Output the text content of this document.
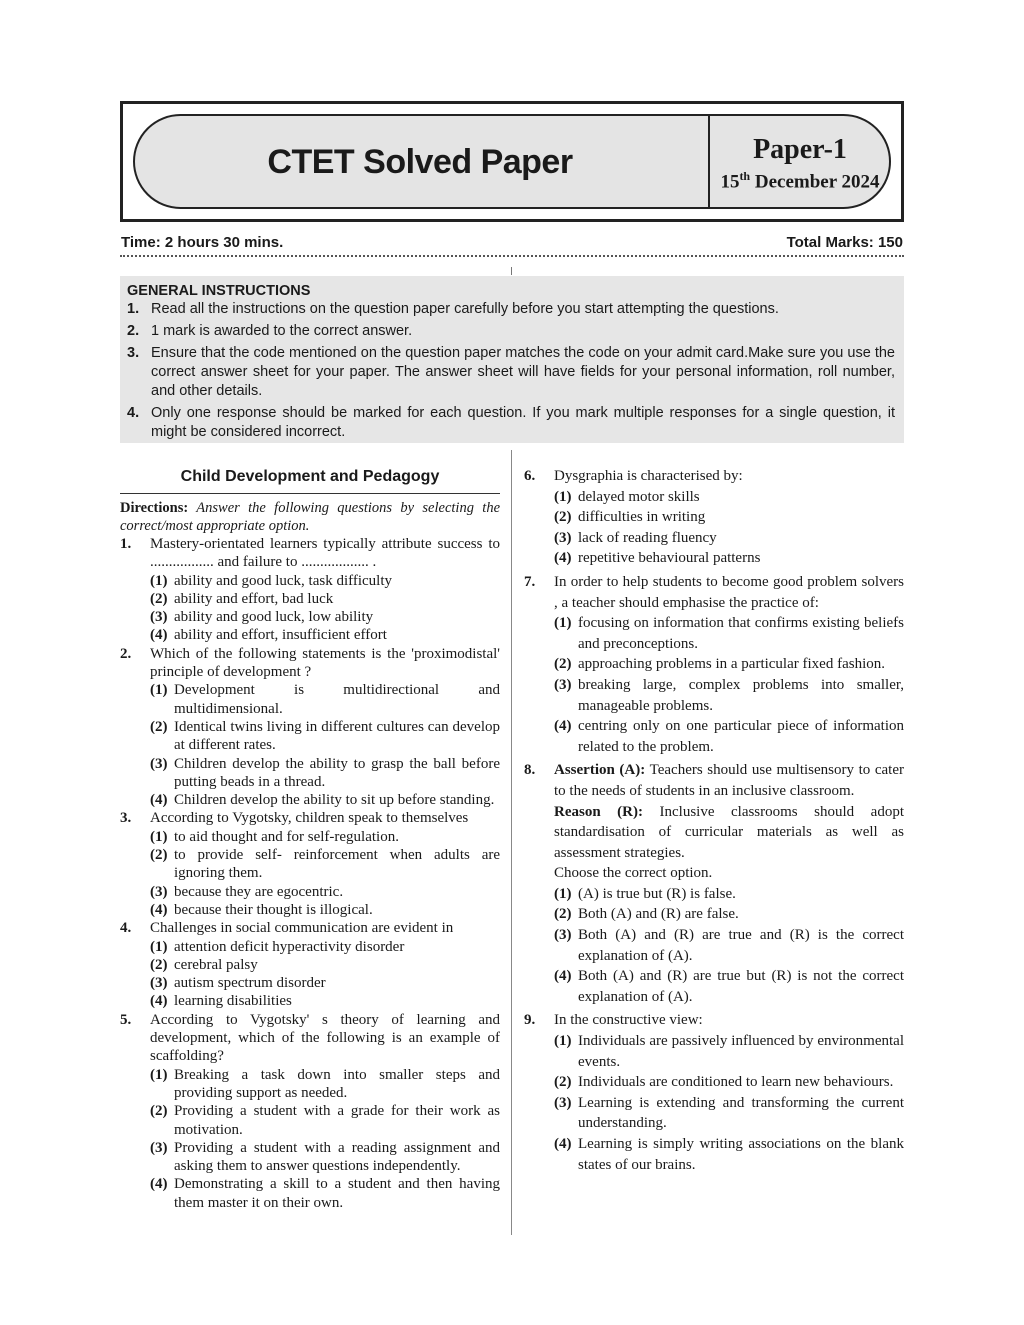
CTET Solved Paper	Paper-1
15th December 2024
Time: 2 hours 30 mins.	Total Marks: 150
GENERAL INSTRUCTIONS
1. Read all the instructions on the question paper carefully before you start attempting the questions.
2. 1 mark is awarded to the correct answer.
3. Ensure that the code mentioned on the question paper matches the code on your admit card.Make sure you use the correct answer sheet for your paper. The answer sheet will have fields for your personal information, roll number, and other details.
4. Only one response should be marked for each question. If you mark multiple responses for a single question, it might be considered incorrect.
Child Development and Pedagogy
Directions: Answer the following questions by selecting the correct/most appropriate option.
1. Mastery-orientated learners typically attribute success to ................. and failure to .................. .
(1) ability and good luck, task difficulty
(2) ability and effort, bad luck
(3) ability and good luck, low ability
(4) ability and effort, insufficient effort
2. Which of the following statements is the 'proximodistal' principle of development ?
(1) Development is multidirectional and multidimensional.
(2) Identical twins living in different cultures can develop at different rates.
(3) Children develop the ability to grasp the ball before putting beads in a thread.
(4) Children develop the ability to sit up before standing.
3. According to Vygotsky, children speak to themselves
(1) to aid thought and for self-regulation.
(2) to provide self- reinforcement when adults are ignoring them.
(3) because they are egocentric.
(4) because their thought is illogical.
4. Challenges in social communication are evident in
(1) attention deficit hyperactivity disorder
(2) cerebral palsy
(3) autism spectrum disorder
(4) learning disabilities
5. According to Vygotsky' s theory of learning and development, which of the following is an example of scaffolding?
(1) Breaking a task down into smaller steps and providing support as needed.
(2) Providing a student with a grade for their work as motivation.
(3) Providing a student with a reading assignment and asking them to answer questions independently.
(4) Demonstrating a skill to a student and then having them master it on their own.
6. Dysgraphia is characterised by:
(1) delayed motor skills
(2) difficulties in writing
(3) lack of reading fluency
(4) repetitive behavioural patterns
7. In order to help students to become good problem solvers , a teacher should emphasise the practice of:
(1) focusing on information that confirms existing beliefs and preconceptions.
(2) approaching problems in a particular fixed fashion.
(3) breaking large, complex problems into smaller, manageable problems.
(4) centring only on one particular piece of information related to the problem.
8. Assertion (A): Teachers should use multisensory to cater to the needs of students in an inclusive classroom.
Reason (R): Inclusive classrooms should adopt standardisation of curricular materials as well as assessment strategies.
Choose the correct option.
(1) (A) is true but (R) is false.
(2) Both (A) and (R) are false.
(3) Both (A) and (R) are true and (R) is the correct explanation of (A).
(4) Both (A) and (R) are true but (R) is not the correct explanation of (A).
9. In the constructive view:
(1) Individuals are passively influenced by environmental events.
(2) Individuals are conditioned to learn new behaviours.
(3) Learning is extending and transforming the current understanding.
(4) Learning is simply writing associations on the blank states of our brains.
